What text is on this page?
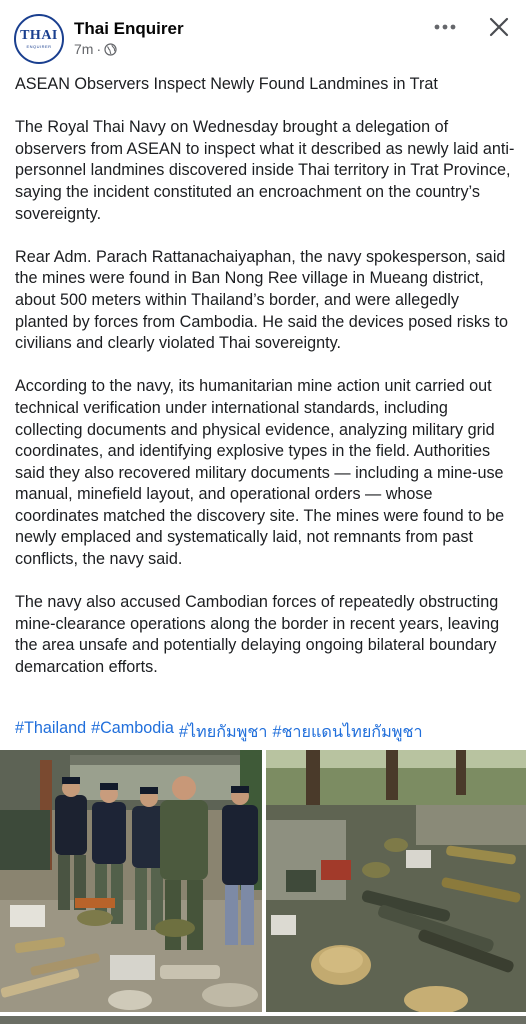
THAI
ENQUIRER
Thai Enquirer
7m ·

ASEAN Observers Inspect Newly Found Landmines in Trat

The Royal Thai Navy on Wednesday brought a delegation of observers from ASEAN to inspect what it described as newly laid anti-personnel landmines discovered inside Thai territory in Trat Province, saying the incident constituted an encroachment on the country’s sovereignty.

Rear Adm. Parach Rattanachaiyaphan, the navy spokesperson, said the mines were found in Ban Nong Ree village in Mueang district, about 500 meters within Thailand’s border, and were allegedly planted by forces from Cambodia. He said the devices posed risks to civilians and clearly violated Thai sovereignty.

According to the navy, its humanitarian mine action unit carried out technical verification under international standards, including collecting documents and physical evidence, analyzing military grid coordinates, and identifying explosive types in the field. Authorities said they also recovered military documents — including a mine-use manual, minefield layout, and operational orders — whose coordinates matched the discovery site. The mines were found to be newly emplaced and systematically laid, not remnants from past conflicts, the navy said.

The navy also accused Cambodian forces of repeatedly obstructing mine-clearance operations along the border in recent years, leaving the area unsafe and potentially delaying ongoing bilateral boundary demarcation efforts.

#Thailand #Cambodia #ไทยกัมพูชา #ชายแดนไทยกัมพูชา
